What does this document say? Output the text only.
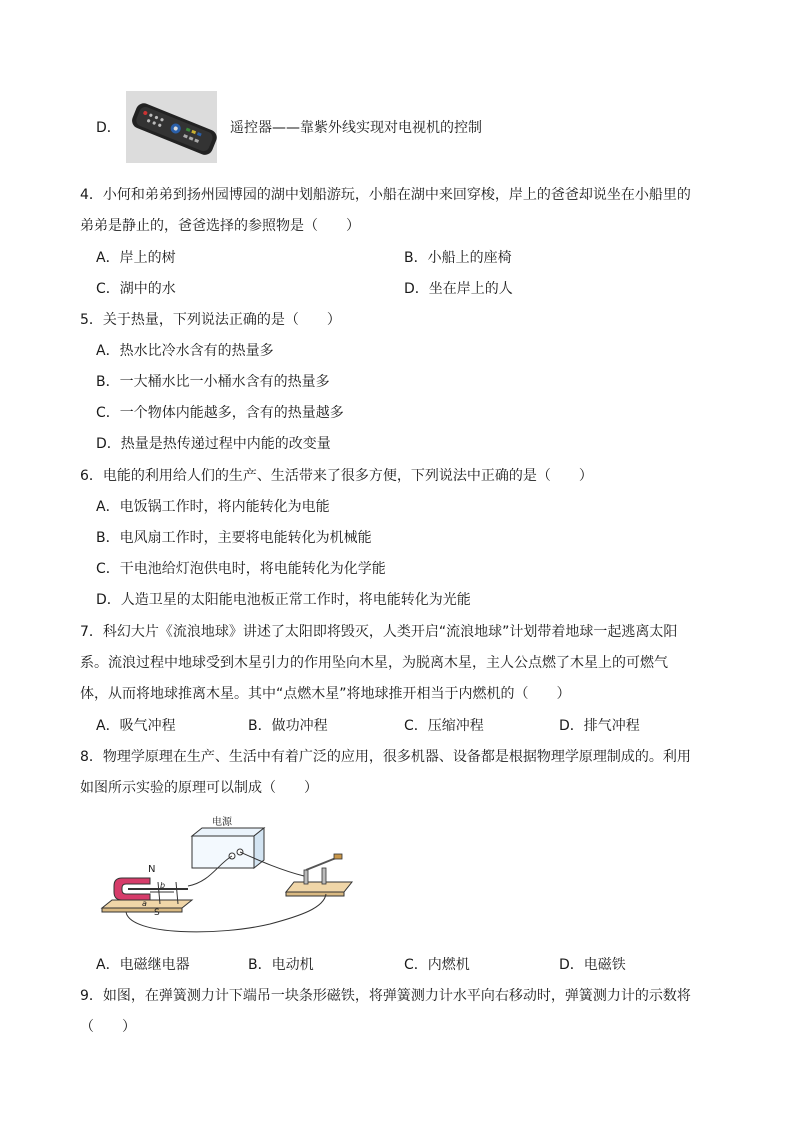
D．	遥控器——靠紫外线实现对电视机的控制
4．小何和弟弟到扬州园博园的湖中划船游玩，小船在湖中来回穿梭，岸上的爸爸却说坐在小船里的
弟弟是静止的，爸爸选择的参照物是（　　）
A．岸上的树	B．小船上的座椅
C．湖中的水	D．坐在岸上的人
5．关于热量，下列说法正确的是（　　）
A．热水比冷水含有的热量多
B．一大桶水比一小桶水含有的热量多
C．一个物体内能越多，含有的热量越多
D．热量是热传递过程中内能的改变量
6．电能的利用给人们的生产、生活带来了很多方便，下列说法中正确的是（　　）
A．电饭锅工作时，将内能转化为电能
B．电风扇工作时，主要将电能转化为机械能
C．干电池给灯泡供电时，将电能转化为化学能
D．人造卫星的太阳能电池板正常工作时，将电能转化为光能
7．科幻大片《流浪地球》讲述了太阳即将毁灭，人类开启“流浪地球”计划带着地球一起逃离太阳
系。流浪过程中地球受到木星引力的作用坠向木星，为脱离木星，主人公点燃了木星上的可燃气
体，从而将地球推离木星。其中“点燃木星”将地球推开相当于内燃机的（　　）
A．吸气冲程	B．做功冲程	C．压缩冲程	D．排气冲程
8．物理学原理在生产、生活中有着广泛的应用，很多机器、设备都是根据物理学原理制成的。利用
如图所示实验的原理可以制成（　　）
电源
N
S
a
b
A．电磁继电器	B．电动机	C．内燃机	D．电磁铁
9．如图，在弹簧测力计下端吊一块条形磁铁，将弹簧测力计水平向右移动时，弹簧测力计的示数将
（　　）
